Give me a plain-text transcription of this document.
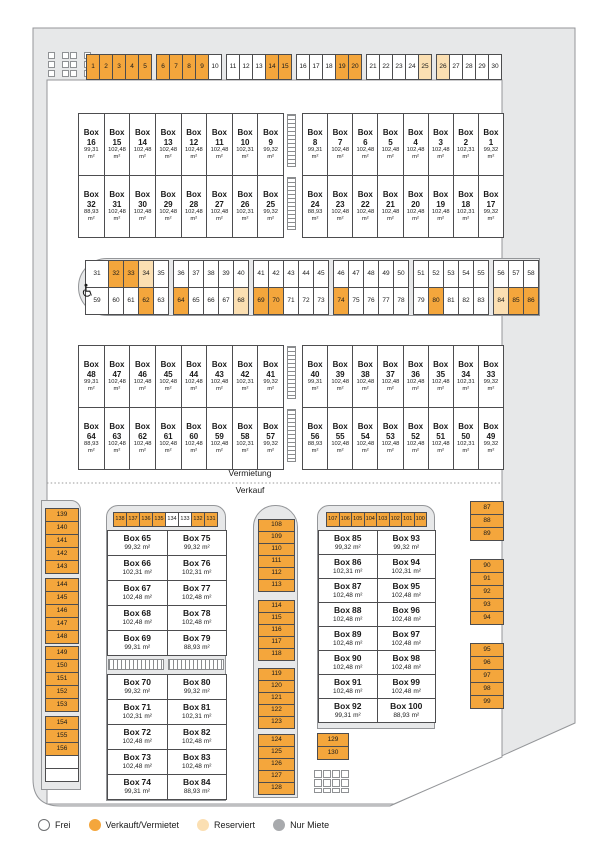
1	2	3	4	5	6	7	8	9	10	11 12 13 14 15	16 17 18 19 20	21 22 23 24 25	26 27 28 29 30
Box
16
99,31
m²
Box
15
102,48
m²
Box
14
102,48
m²
Box
13
102,48
m²
Box
12
102,48
m²
Box
11
102,48
m²
Box
10
102,31
m²
Box
9
99,32
m²
Box
32
88,93
m²
Box
31
102,48
m²
Box
30
102,48
m²
Box
29
102,48
m²
Box
28
102,48
m²
Box
27
102,48
m²
Box
26
102,31
m²
Box
25
99,32
m²
Box
8
99,31
m²
Box
7
102,48
m²
Box
6
102,48
m²
Box
5
102,48
m²
Box
4
102,48
m²
Box
3
102,48
m²
Box
2
102,31
m²
Box
1
99,32
m²
Box
24
88,93
m²
Box
23
102,48
m²
Box
22
102,48
m²
Box
21
102,48
m²
Box
20
102,48
m²
Box
19
102,48
m²
Box
18
102,31
m²
Box
17
99,32
m²
31
59
32	33	34	35
60	61	62	63
36	37	38	39	40
64	65	66	67	68
41	42	43	44	45
69	70	71	72	73
46	47	48	49	50
74	75	76	77	78
51	52	53	54	55
79	80	81	82	83
56	57	58
84	85	86
Box
48
99,31
m²
Box
47
102,48
m²
Box
46
102,48
m²
Box
45
102,48
m²
Box
44
102,48
m²
Box
43
102,48
m²
Box
42
102,31
m²
Box
41
99,32
m²
Box
64
88,93
m²
Box
63
102,48
m²
Box
62
102,48
m²
Box
61
102,48
m²
Box
60
102,48
m²
Box
59
102,48
m²
Box
58
102,31
m²
Box
57
99,32
m²
Box
40
99,31
m²
Box
39
102,48
m²
Box
38
102,48
m²
Box
37
102,48
m²
Box
36
102,48
m²
Box
35
102,48
m²
Box
34
102,31
m²
Box
33
99,32
m²
Box
56
88,93
m²
Box
55
102,48
m²
Box
54
102,48
m²
Box
53
102,48
m²
Box
52
102,48
m²
Box
51
102,48
m²
Box
50
102,31
m²
Box
49
99,32
m²
Vermietung
Verkauf
139
140
141
142
143
144
145
146
147
148
149
150
151
152
153
154
155
156
138 137 136 135 134 133 132 131
Box 65
99,32 m²
Box 66
102,31 m²
Box 67
102,48 m²
Box 68
102,48 m²
Box 69
99,31 m²
Box 75
99,32 m²
Box 76
102,31 m²
Box 77
102,48 m²
Box 78
102,48 m²
Box 79
88,93 m²
Box 70
99,32 m²
Box 71
102,31 m²
Box 72
102,48 m²
Box 73
102,48 m²
Box 74
99,31 m²
Box 80
99,32 m²
Box 81
102,31 m²
Box 82
102,48 m²
Box 83
102,48 m²
Box 84
88,93 m²
108
109
110
111
112
113
114
115
116
117
118
119
120
121
122
123
124
125
126
127
128
107 106 105 104 103 102 101 100
Box 85
99,32 m²
Box 86
102,31 m²
Box 87
102,48 m²
Box 88
102,48 m²
Box 89
102,48 m²
Box 90
102,48 m²
Box 91
102,48 m²
Box 92
99,31 m²
Box 93
99,32 m²
Box 94
102,31 m²
Box 95
102,48 m²
Box 96
102,48 m²
Box 97
102,48 m²
Box 98
102,48 m²
Box 99
102,48 m²
Box 100
88,93 m²
129
130
87
88
89
90
91
92
93
94
95
96
97
98
99
Frei	Verkauft/Vermietet	Reserviert	Nur Miete
